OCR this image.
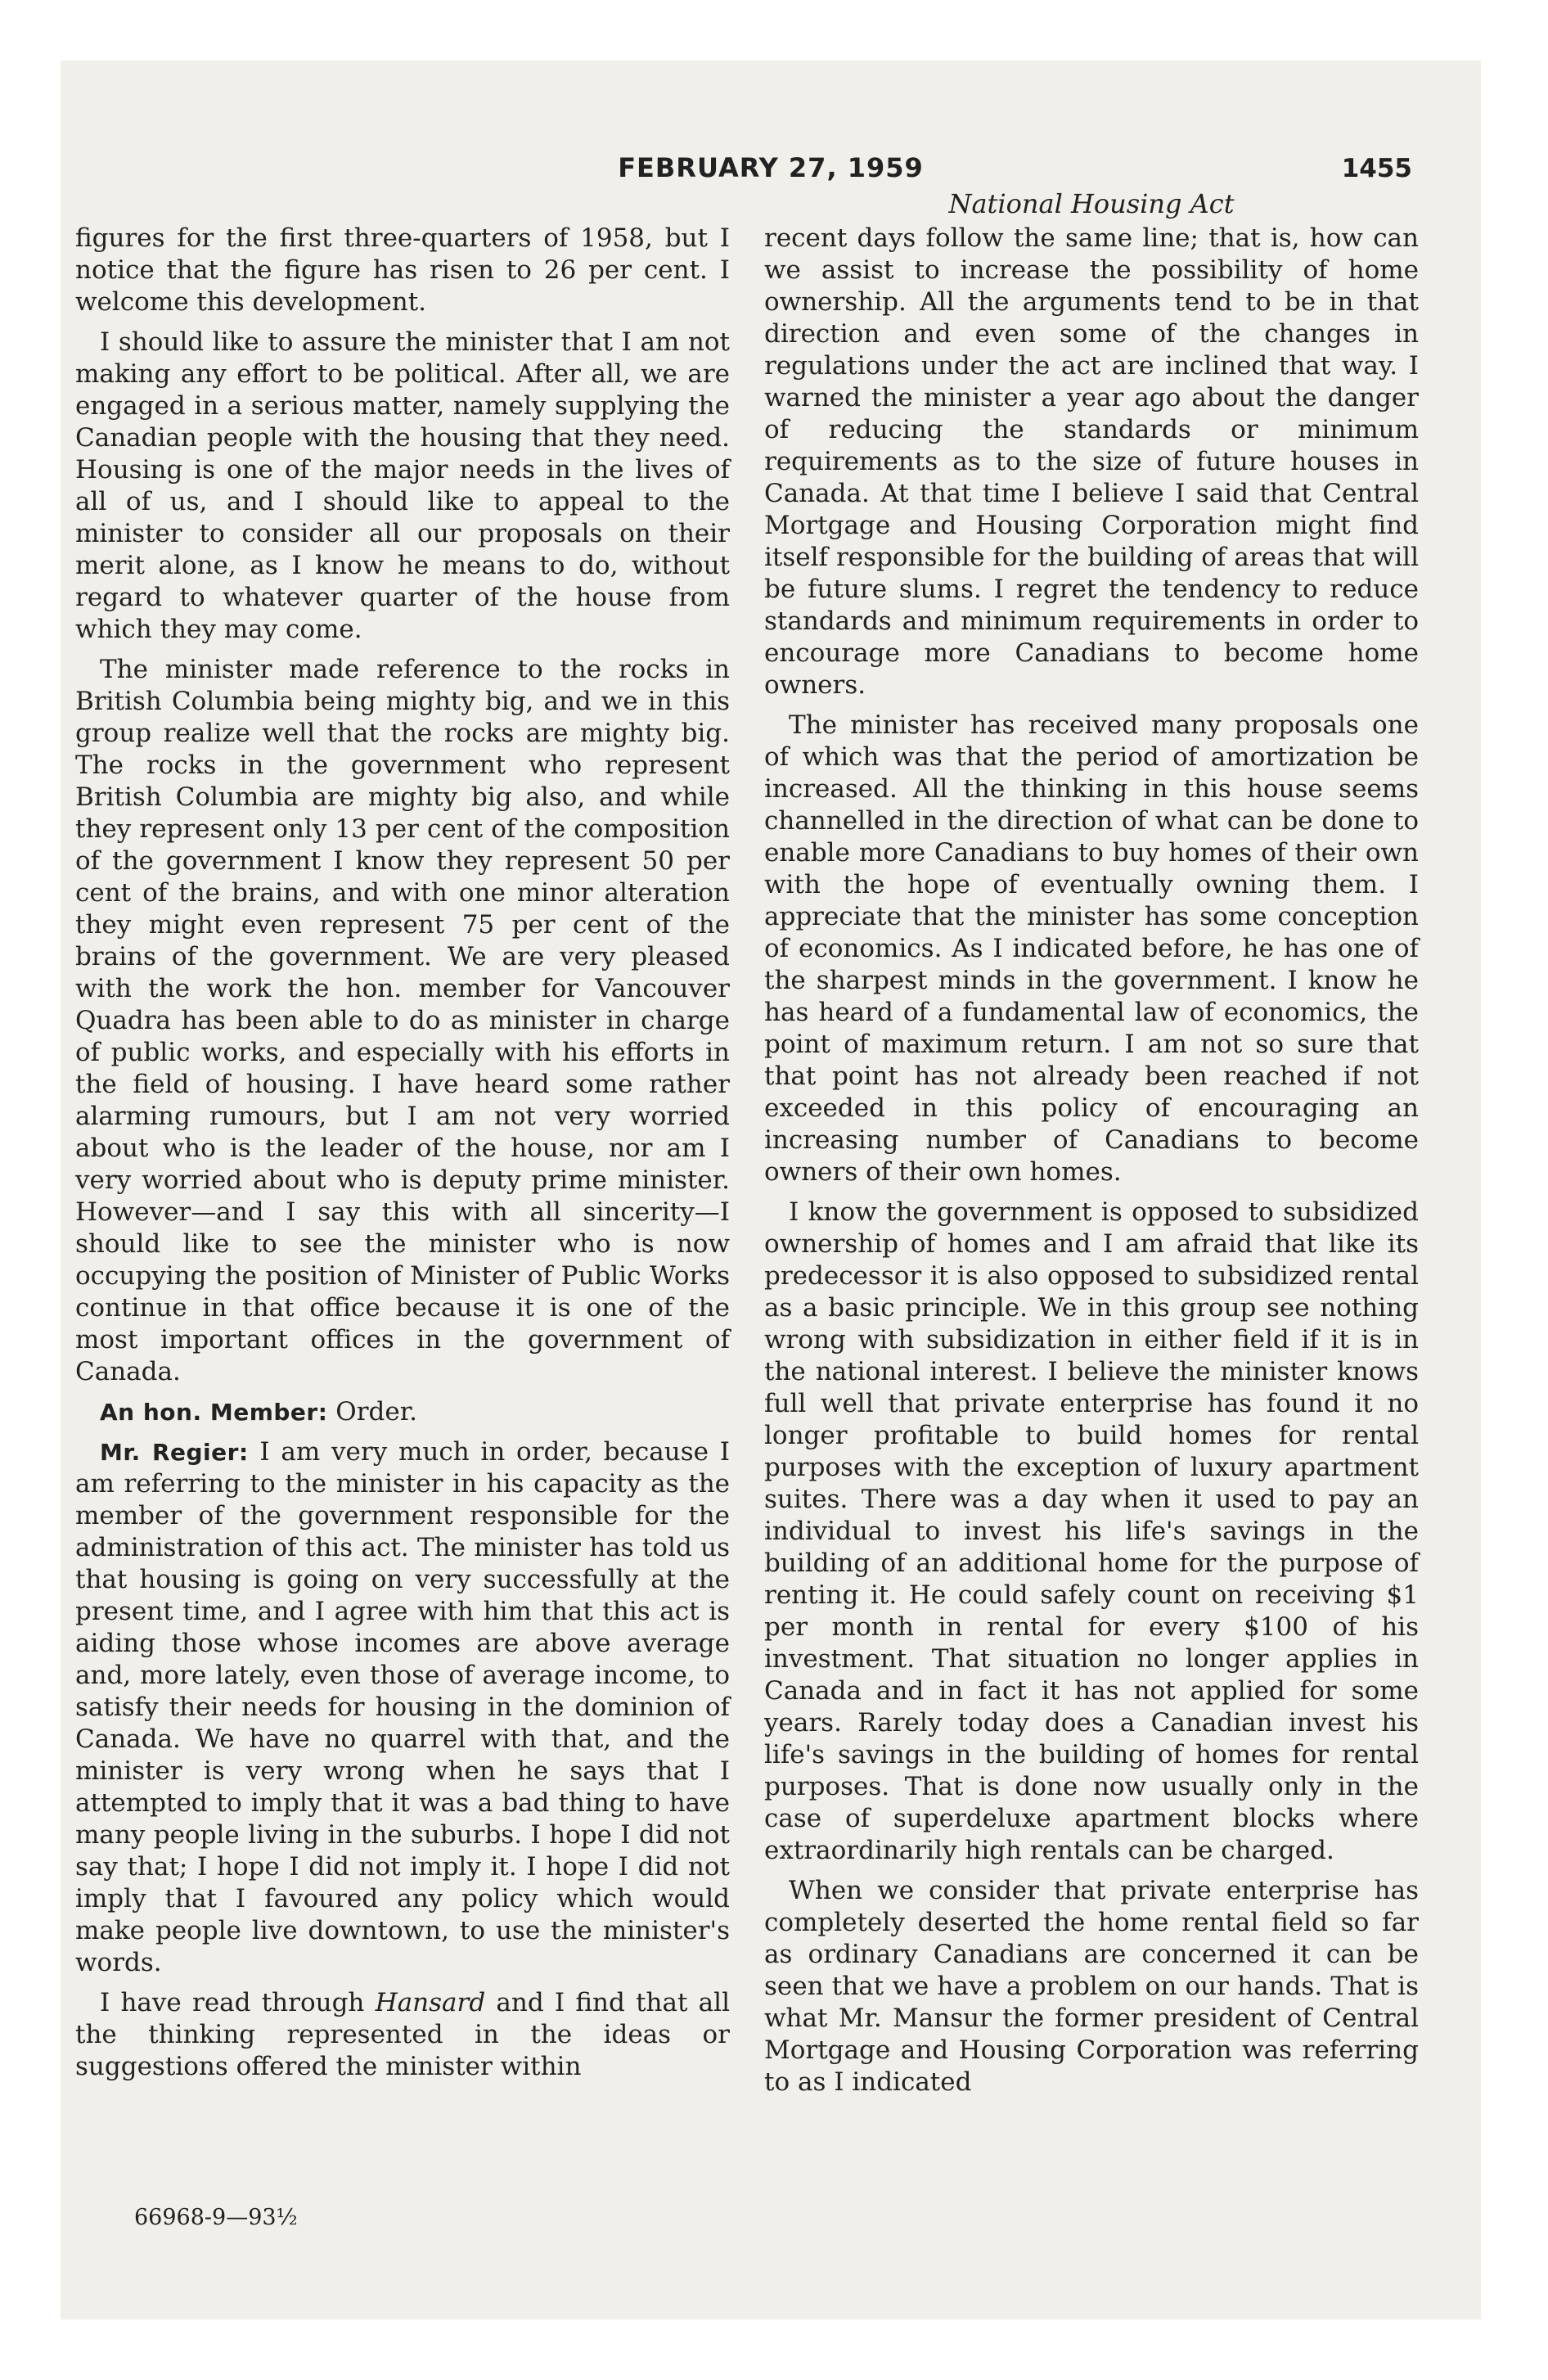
FEBRUARY 27, 1959	1455
National Housing Act

figures for the first three-quarters of 1958, but I notice that the figure has risen to 26 per cent. I welcome this development.

I should like to assure the minister that I am not making any effort to be political. After all, we are engaged in a serious matter, namely supplying the Canadian people with the housing that they need. Housing is one of the major needs in the lives of all of us, and I should like to appeal to the minister to consider all our proposals on their merit alone, as I know he means to do, without regard to whatever quarter of the house from which they may come.

The minister made reference to the rocks in British Columbia being mighty big, and we in this group realize well that the rocks are mighty big. The rocks in the government who represent British Columbia are mighty big also, and while they represent only 13 per cent of the composition of the government I know they represent 50 per cent of the brains, and with one minor alteration they might even represent 75 per cent of the brains of the government. We are very pleased with the work the hon. member for Vancouver Quadra has been able to do as minister in charge of public works, and especially with his efforts in the field of housing. I have heard some rather alarming rumours, but I am not very worried about who is the leader of the house, nor am I very worried about who is deputy prime minister. However—and I say this with all sincerity—I should like to see the minister who is now occupying the position of Minister of Public Works continue in that office because it is one of the most important offices in the government of Canada.

An hon. Member: Order.

Mr. Regier: I am very much in order, because I am referring to the minister in his capacity as the member of the government responsible for the administration of this act. The minister has told us that housing is going on very successfully at the present time, and I agree with him that this act is aiding those whose incomes are above average and, more lately, even those of average income, to satisfy their needs for housing in the dominion of Canada. We have no quarrel with that, and the minister is very wrong when he says that I attempted to imply that it was a bad thing to have many people living in the suburbs. I hope I did not say that; I hope I did not imply it. I hope I did not imply that I favoured any policy which would make people live downtown, to use the minister's words.

I have read through Hansard and I find that all the thinking represented in the ideas or suggestions offered the minister within

recent days follow the same line; that is, how can we assist to increase the possibility of home ownership. All the arguments tend to be in that direction and even some of the changes in regulations under the act are inclined that way. I warned the minister a year ago about the danger of reducing the standards or minimum requirements as to the size of future houses in Canada. At that time I believe I said that Central Mortgage and Housing Corporation might find itself responsible for the building of areas that will be future slums. I regret the tendency to reduce standards and minimum requirements in order to encourage more Canadians to become home owners.

The minister has received many proposals one of which was that the period of amortization be increased. All the thinking in this house seems channelled in the direction of what can be done to enable more Canadians to buy homes of their own with the hope of eventually owning them. I appreciate that the minister has some conception of economics. As I indicated before, he has one of the sharpest minds in the government. I know he has heard of a fundamental law of economics, the point of maximum return. I am not so sure that that point has not already been reached if not exceeded in this policy of encouraging an increasing number of Canadians to become owners of their own homes.

I know the government is opposed to subsidized ownership of homes and I am afraid that like its predecessor it is also opposed to subsidized rental as a basic principle. We in this group see nothing wrong with subsidization in either field if it is in the national interest. I believe the minister knows full well that private enterprise has found it no longer profitable to build homes for rental purposes with the exception of luxury apartment suites. There was a day when it used to pay an individual to invest his life's savings in the building of an additional home for the purpose of renting it. He could safely count on receiving $1 per month in rental for every $100 of his investment. That situation no longer applies in Canada and in fact it has not applied for some years. Rarely today does a Canadian invest his life's savings in the building of homes for rental purposes. That is done now usually only in the case of superdeluxe apartment blocks where extraordinarily high rentals can be charged.

When we consider that private enterprise has completely deserted the home rental field so far as ordinary Canadians are concerned it can be seen that we have a problem on our hands. That is what Mr. Mansur the former president of Central Mortgage and Housing Corporation was referring to as I indicated

66968-9—93½
